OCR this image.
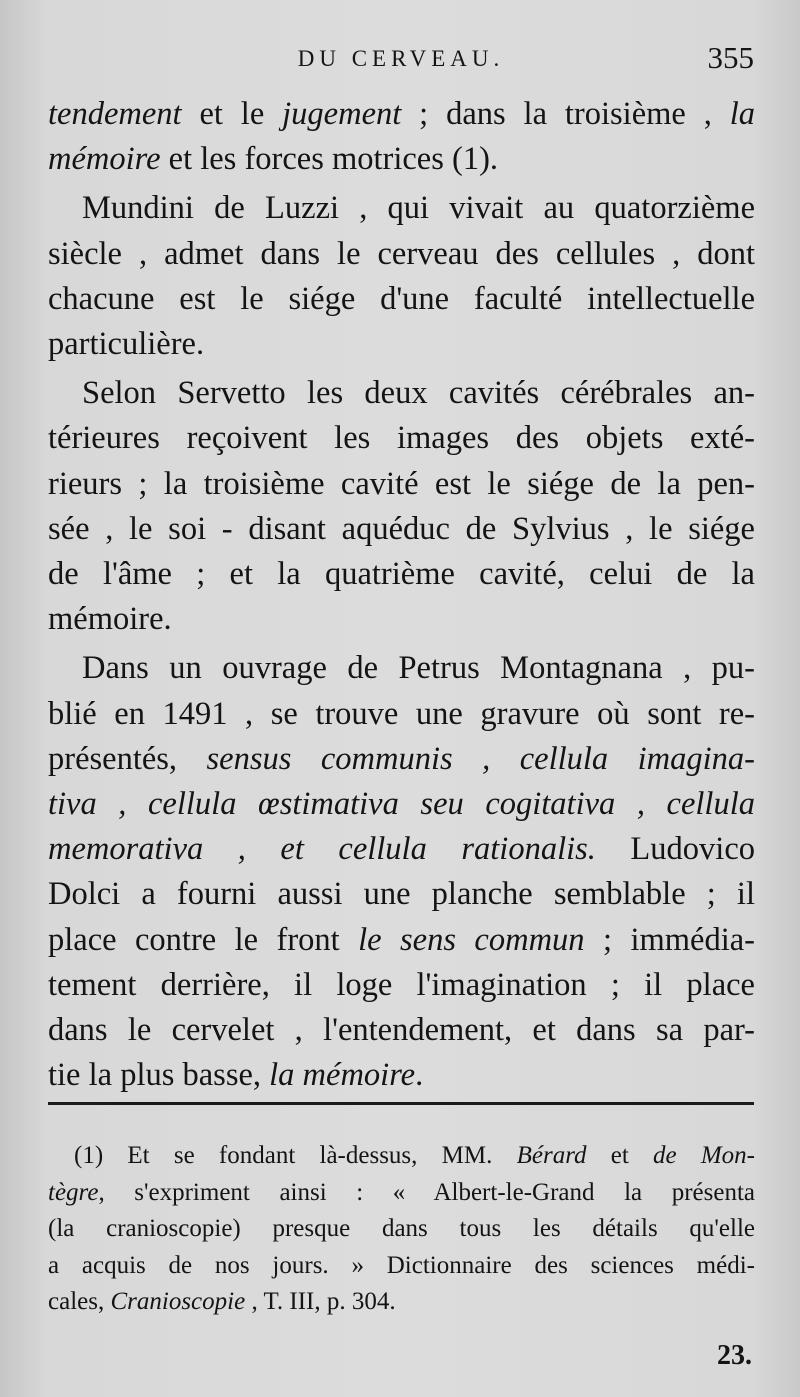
DU CERVEAU.	355
tendement et le jugement ; dans la troisième , la
mémoire et les forces motrices (1).
Mundini de Luzzi , qui vivait au quatorzième
siècle , admet dans le cerveau des cellules , dont
chacune est le siége d'une faculté intellectuelle
particulière.
Selon Servetto les deux cavités cérébrales an-
térieures reçoivent les images des objets exté-
rieurs ; la troisième cavité est le siége de la pen-
sée , le soi - disant aquéduc de Sylvius , le siége
de l'âme ; et la quatrième cavité, celui de la
mémoire.
Dans un ouvrage de Petrus Montagnana , pu-
blié en 1491 , se trouve une gravure où sont re-
présentés, sensus communis , cellula imagina-
tiva , cellula œstimativa seu cogitativa , cellula
memorativa , et cellula rationalis. Ludovico
Dolci a fourni aussi une planche semblable ; il
place contre le front le sens commun ; immédia-
tement derrière, il loge l'imagination ; il place
dans le cervelet , l'entendement, et dans sa par-
tie la plus basse, la mémoire.
(1) Et se fondant là-dessus, MM. Bérard et de Mon-
tègre, s'expriment ainsi : « Albert-le-Grand la présenta
(la cranioscopie) presque dans tous les détails qu'elle
a acquis de nos jours. » Dictionnaire des sciences médi-
cales, Cranioscopie , T. III, p. 304.
23.
